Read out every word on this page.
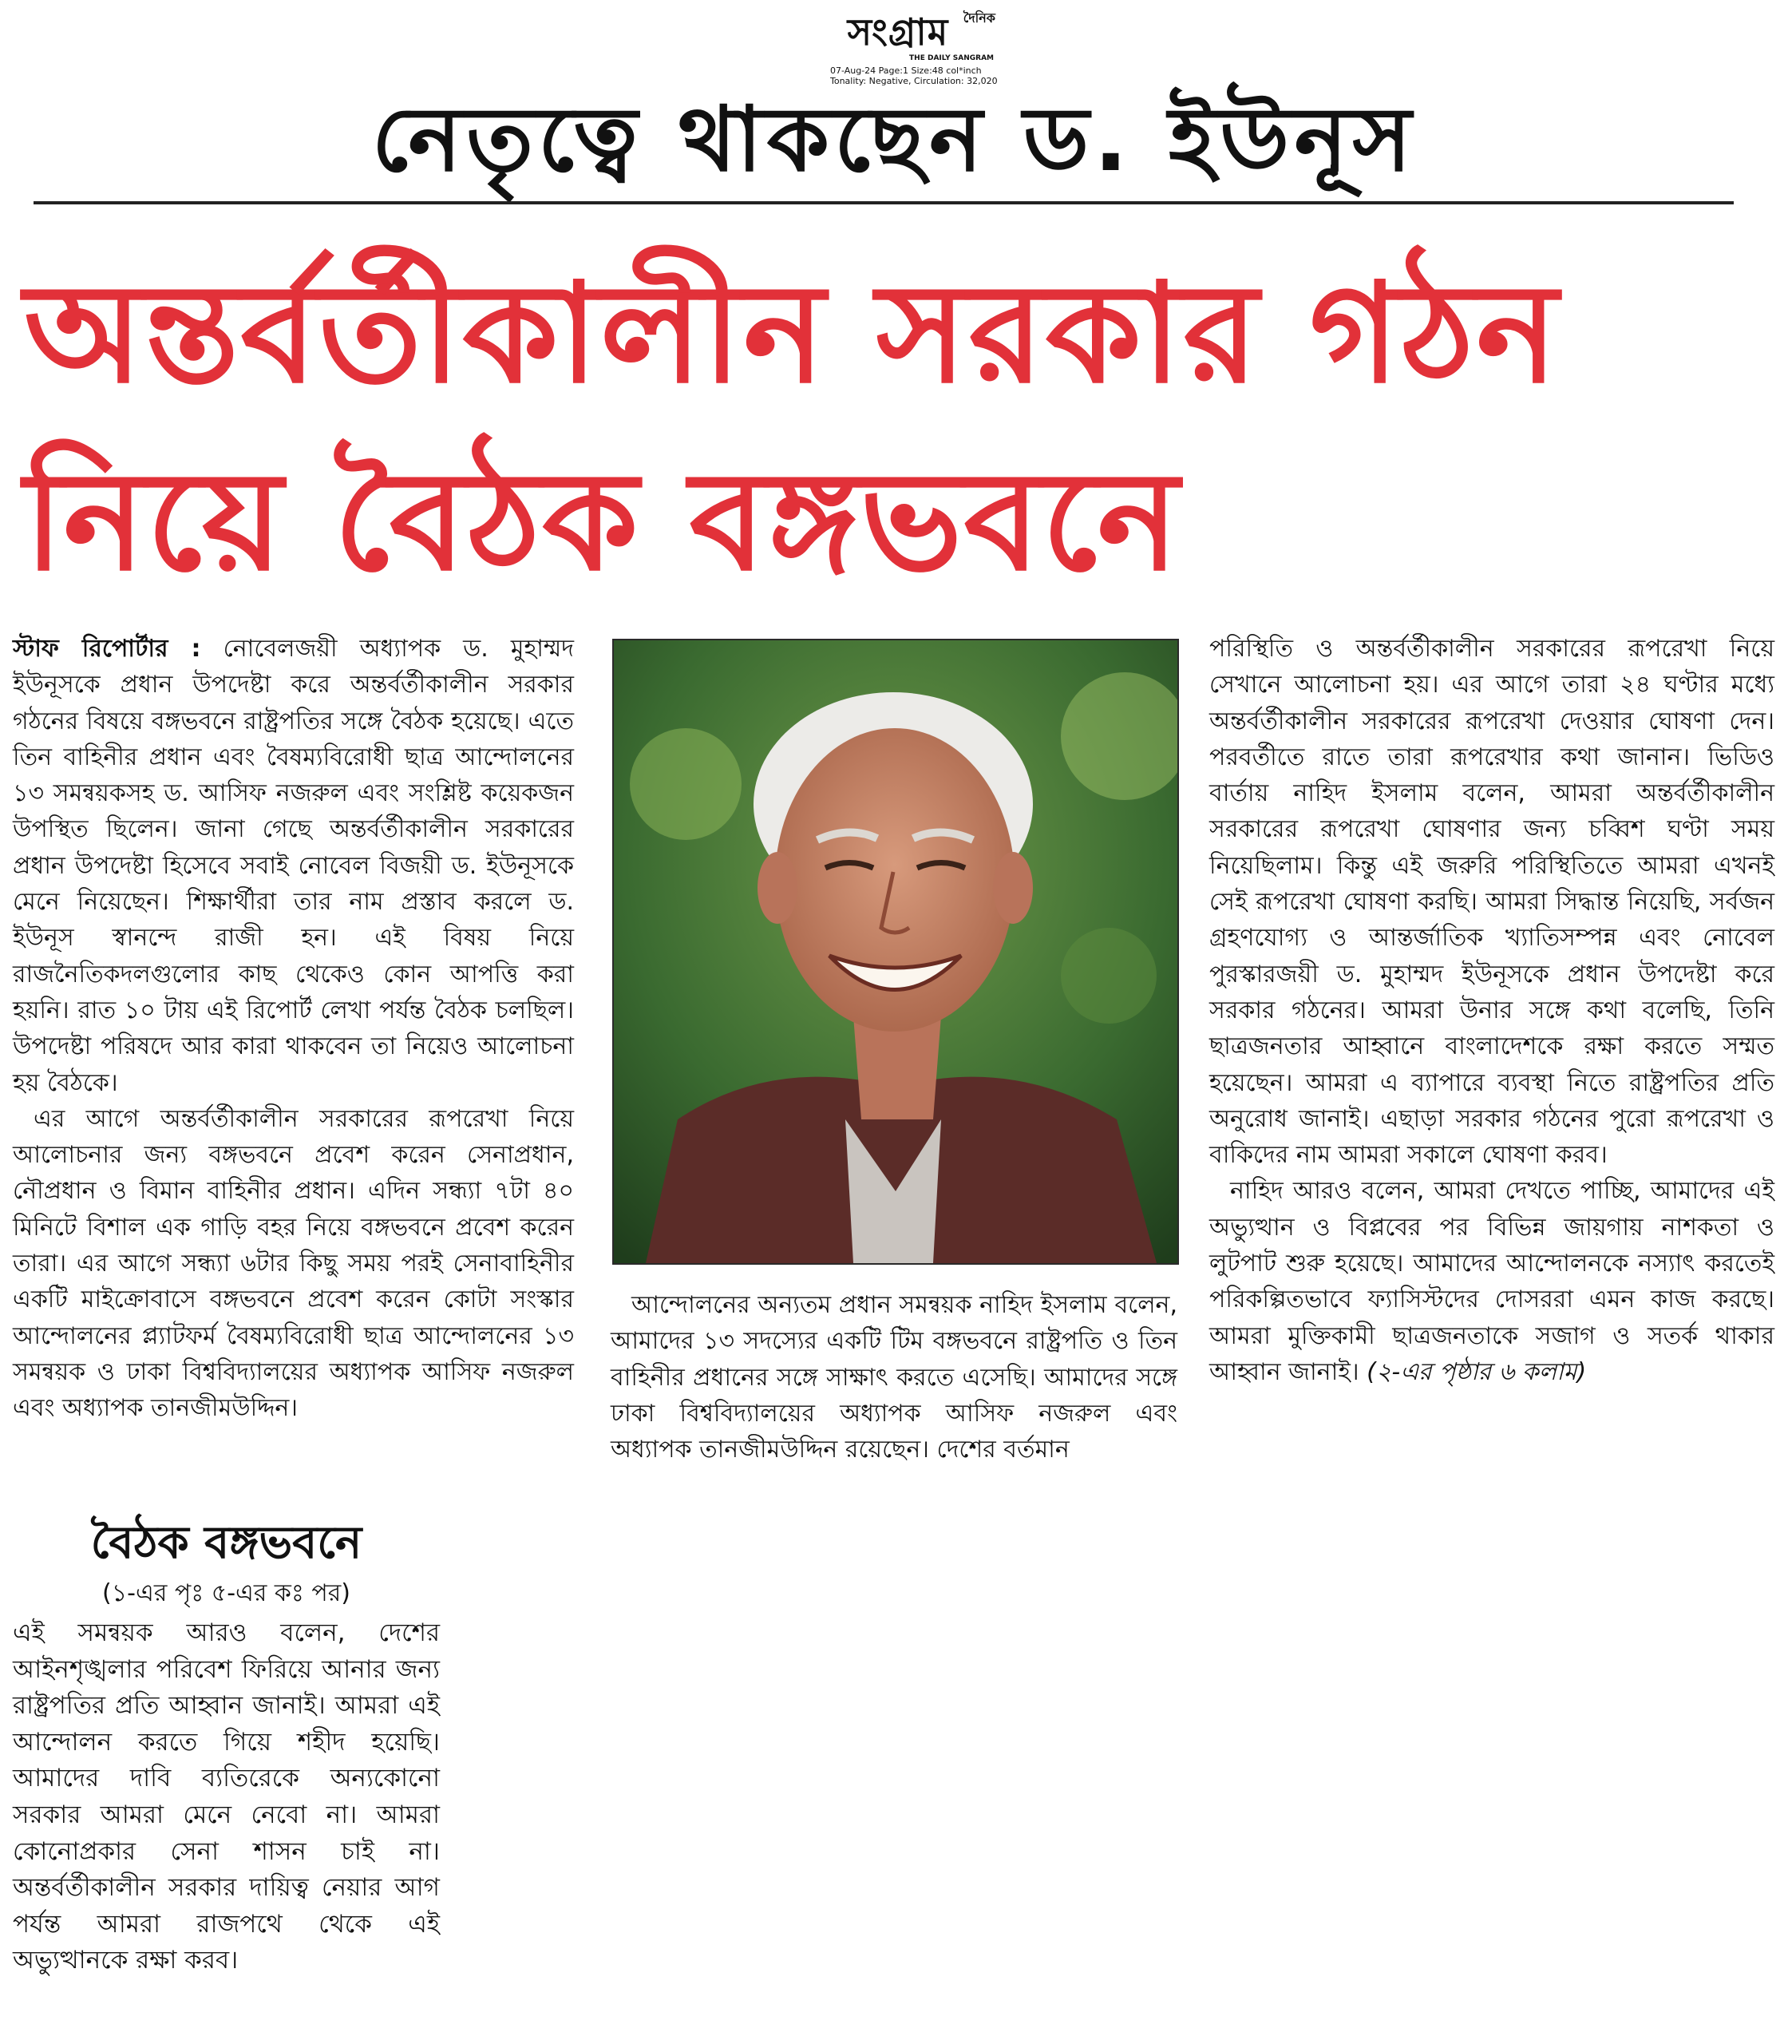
দৈনিক
সংগ্রাম
THE DAILY SANGRAM
07-Aug-24 Page:1 Size:48 col*inch
Tonality: Negative, Circulation: 32,020
নেতৃত্বে থাকছেন ড. ইউনূস
অন্তর্বর্তীকালীন সরকার গঠন
নিয়ে বৈঠক বঙ্গভবনে

স্টাফ রিপোর্টার : নোবেলজয়ী অধ্যাপক ড. মুহাম্মদ ইউনূসকে প্রধান উপদেষ্টা করে অন্তর্বর্তীকালীন সরকার গঠনের বিষয়ে বঙ্গভবনে রাষ্ট্রপতির সঙ্গে বৈঠক হয়েছে। এতে তিন বাহিনীর প্রধান এবং বৈষম্যবিরোধী ছাত্র আন্দোলনের ১৩ সমন্বয়কসহ ড. আসিফ নজরুল এবং সংশ্লিষ্ট কয়েকজন উপস্থিত ছিলেন। জানা গেছে অন্তর্বর্তীকালীন সরকারের প্রধান উপদেষ্টা হিসেবে সবাই নোবেল বিজয়ী ড. ইউনূসকে মেনে নিয়েছেন। শিক্ষার্থীরা তার নাম প্রস্তাব করলে ড. ইউনূস স্বানন্দে রাজী হন। এই বিষয় নিয়ে রাজনৈতিকদলগুলোর কাছ থেকেও কোন আপত্তি করা হয়নি। রাত ১০ টায় এই রিপোর্ট লেখা পর্যন্ত বৈঠক চলছিল। উপদেষ্টা পরিষদে আর কারা থাকবেন তা নিয়েও আলোচনা হয় বৈঠকে।

এর আগে অন্তর্বর্তীকালীন সরকারের রূপরেখা নিয়ে আলোচনার জন্য বঙ্গভবনে প্রবেশ করেন সেনাপ্রধান, নৌপ্রধান ও বিমান বাহিনীর প্রধান। এদিন সন্ধ্যা ৭টা ৪০ মিনিটে বিশাল এক গাড়ি বহর নিয়ে বঙ্গভবনে প্রবেশ করেন তারা। এর আগে সন্ধ্যা ৬টার কিছু সময় পরই সেনাবাহিনীর একটি মাইক্রোবাসে বঙ্গভবনে প্রবেশ করেন কোটা সংস্কার আন্দোলনের প্ল্যাটফর্ম বৈষম্যবিরোধী ছাত্র আন্দোলনের ১৩ সমন্বয়ক ও ঢাকা বিশ্ববিদ্যালয়ের অধ্যাপক আসিফ নজরুল এবং অধ্যাপক তানজীমউদ্দিন।

আন্দোলনের অন্যতম প্রধান সমন্বয়ক নাহিদ ইসলাম বলেন, আমাদের ১৩ সদস্যের একটি টিম বঙ্গভবনে রাষ্ট্রপতি ও তিন বাহিনীর প্রধানের সঙ্গে সাক্ষাৎ করতে এসেছি। আমাদের সঙ্গে ঢাকা বিশ্ববিদ্যালয়ের অধ্যাপক আসিফ নজরুল এবং অধ্যাপক তানজীমউদ্দিন রয়েছেন। দেশের বর্তমান

পরিস্থিতি ও অন্তর্বর্তীকালীন সরকারের রূপরেখা নিয়ে সেখানে আলোচনা হয়। এর আগে তারা ২৪ ঘণ্টার মধ্যে অন্তর্বর্তীকালীন সরকারের রূপরেখা দেওয়ার ঘোষণা দেন। পরবর্তীতে রাতে তারা রূপরেখার কথা জানান। ভিডিও বার্তায় নাহিদ ইসলাম বলেন, আমরা অন্তর্বর্তীকালীন সরকারের রূপরেখা ঘোষণার জন্য চব্বিশ ঘণ্টা সময় নিয়েছিলাম। কিন্তু এই জরুরি পরিস্থিতিতে আমরা এখনই সেই রূপরেখা ঘোষণা করছি। আমরা সিদ্ধান্ত নিয়েছি, সর্বজন গ্রহণযোগ্য ও আন্তর্জাতিক খ্যাতিসম্পন্ন এবং নোবেল পুরস্কারজয়ী ড. মুহাম্মদ ইউনূসকে প্রধান উপদেষ্টা করে সরকার গঠনের। আমরা উনার সঙ্গে কথা বলেছি, তিনি ছাত্রজনতার আহ্বানে বাংলাদেশকে রক্ষা করতে সম্মত হয়েছেন। আমরা এ ব্যাপারে ব্যবস্থা নিতে রাষ্ট্রপতির প্রতি অনুরোধ জানাই। এছাড়া সরকার গঠনের পুরো রূপরেখা ও বাকিদের নাম আমরা সকালে ঘোষণা করব।

নাহিদ আরও বলেন, আমরা দেখতে পাচ্ছি, আমাদের এই অভ্যুত্থান ও বিপ্লবের পর বিভিন্ন জায়গায় নাশকতা ও লুটপাট শুরু হয়েছে। আমাদের আন্দোলনকে নস্যাৎ করতেই পরিকল্পিতভাবে ফ্যাসিস্টদের দোসররা এমন কাজ করছে। আমরা মুক্তিকামী ছাত্রজনতাকে সজাগ ও সতর্ক থাকার আহ্বান জানাই। (২-এর পৃষ্ঠার ৬ কলাম)

বৈঠক বঙ্গভবনে

(১-এর পৃঃ ৫-এর কঃ পর)

এই সমন্বয়ক আরও বলেন, দেশের আইনশৃঙ্খলার পরিবেশ ফিরিয়ে আনার জন্য রাষ্ট্রপতির প্রতি আহ্বান জানাই। আমরা এই আন্দোলন করতে গিয়ে শহীদ হয়েছি। আমাদের দাবি ব্যতিরেকে অন্যকোনো সরকার আমরা মেনে নেবো না। আমরা কোনোপ্রকার সেনা শাসন চাই না। অন্তর্বর্তীকালীন সরকার দায়িত্ব নেয়ার আগ পর্যন্ত আমরা রাজপথে থেকে এই অভ্যুত্থানকে রক্ষা করব।
